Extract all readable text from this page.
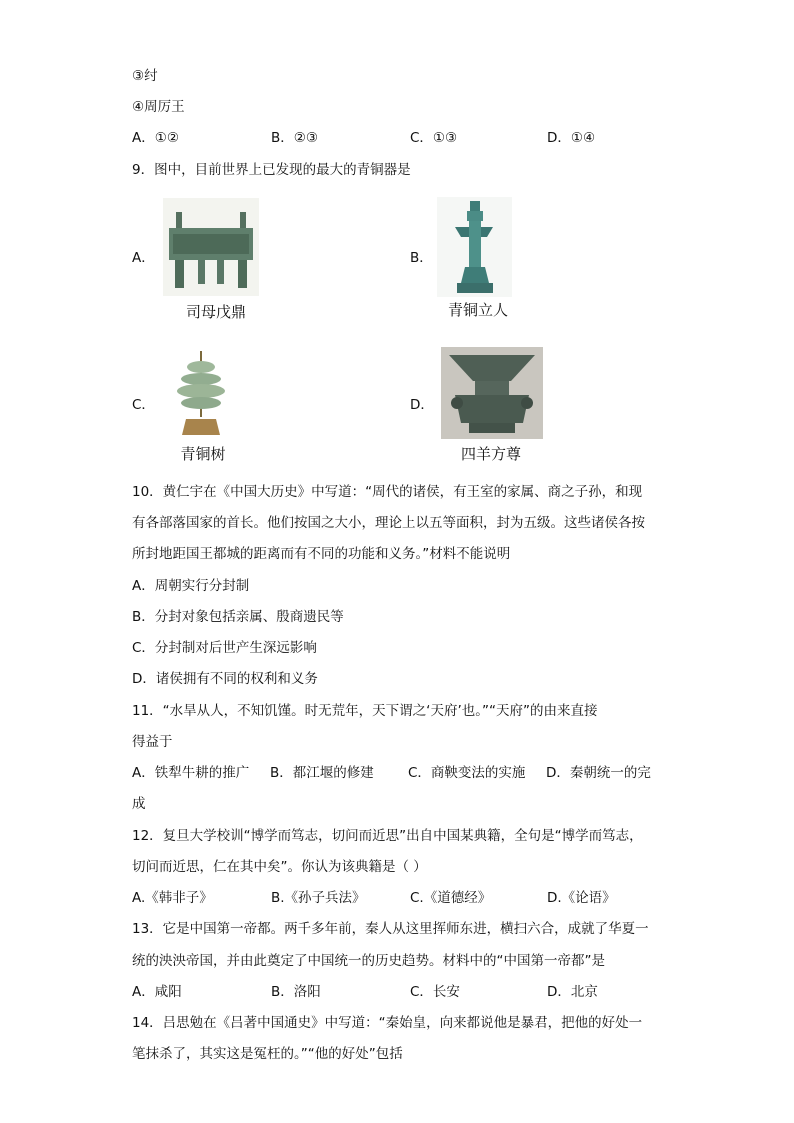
③纣
④周厉王
A．①②	B．②③	C．①③	D．①④
9．图中，目前世界上已发现的最大的青铜器是
A．
司母戊鼎
B．
青铜立人
C．
青铜树
D．
四羊方尊
10．黄仁宇在《中国大历史》中写道：“周代的诸侯，有王室的家属、商之子孙，和现
有各部落国家的首长。他们按国之大小，理论上以五等面积，封为五级。这些诸侯各按
所封地距国王都城的距离而有不同的功能和义务。”材料不能说明
A．周朝实行分封制
B．分封对象包括亲属、殷商遗民等
C．分封制对后世产生深远影响
D．诸侯拥有不同的权利和义务
11．“水旱从人，不知饥馑。时无荒年，天下谓之‘天府’也。”“天府”的由来直接
得益于
A．铁犁牛耕的推广 B．都江堰的修建	C．商鞅变法的实施 D．秦朝统一的完
成
12．复旦大学校训“博学而笃志，切问而近思”出自中国某典籍，全句是“博学而笃志，
切问而近思，仁在其中矣”。你认为该典籍是（ ）
A.《韩非子》	B.《孙子兵法》	C.《道德经》	D.《论语》
13．它是中国第一帝都。两千多年前，秦人从这里挥师东进，横扫六合，成就了华夏一
统的泱泱帝国，并由此奠定了中国统一的历史趋势。材料中的“中国第一帝都”是
A．咸阳	B．洛阳	C．长安	D．北京
14．吕思勉在《吕著中国通史》中写道：“秦始皇，向来都说他是暴君，把他的好处一
笔抹杀了，其实这是冤枉的。”“他的好处”包括
